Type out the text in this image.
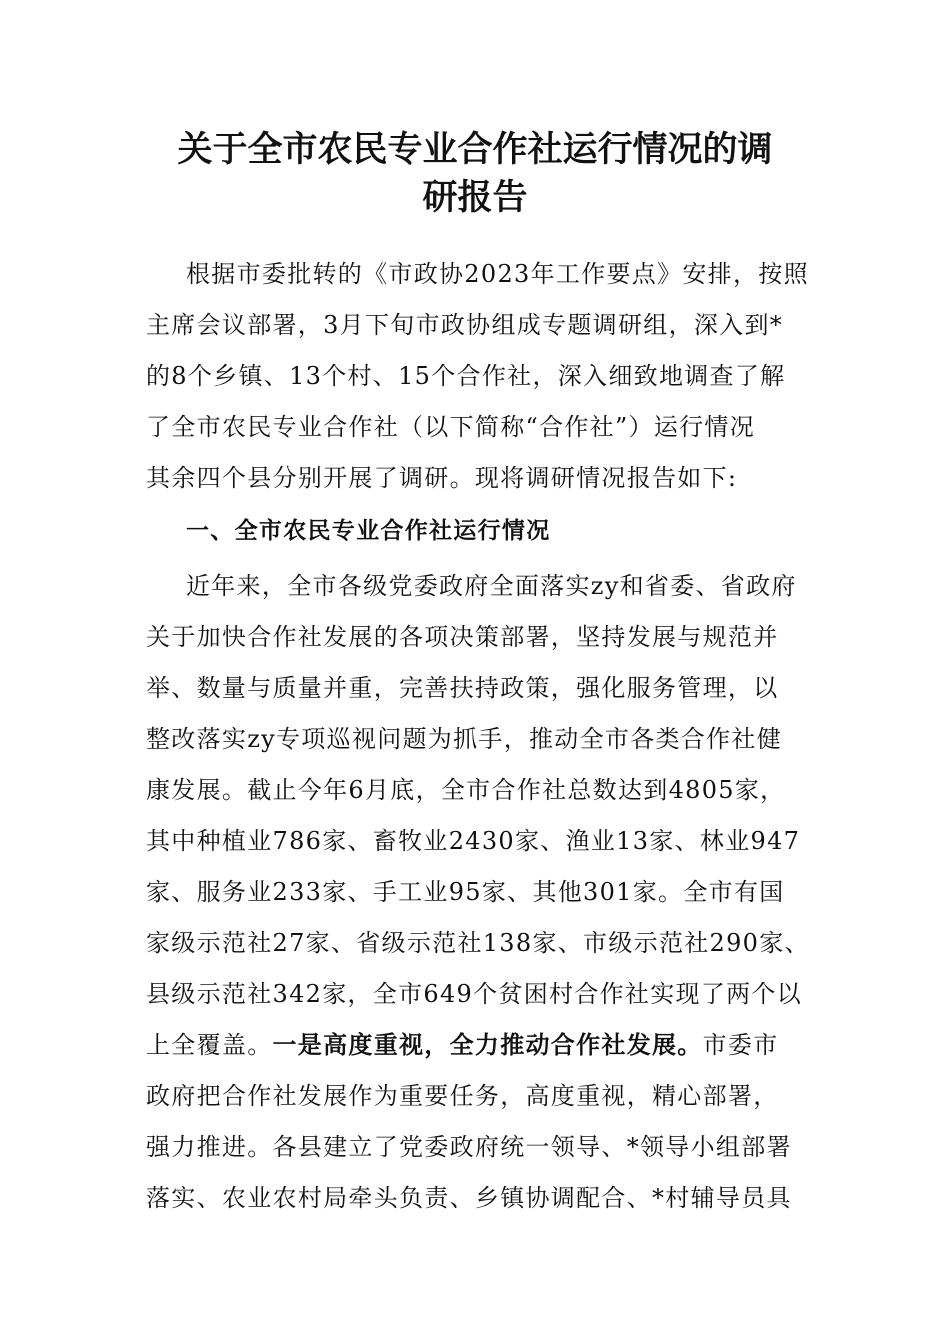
关于全市农民专业合作社运行情况的调
研报告
根据市委批转的《市政协2023年工作要点》安排，按照
主席会议部署，3月下旬市政协组成专题调研组，深入到*
的8个乡镇、13个村、15个合作社，深入细致地调查了解
了全市农民专业合作社（以下简称“合作社”）运行情况
其余四个县分别开展了调研。现将调研情况报告如下:
一、全市农民专业合作社运行情况
近年来，全市各级党委政府全面落实zy和省委、省政府
关于加快合作社发展的各项决策部署，坚持发展与规范并
举、数量与质量并重，完善扶持政策，强化服务管理，以
整改落实zy专项巡视问题为抓手，推动全市各类合作社健
康发展。截止今年6月底，全市合作社总数达到4805家，
其中种植业786家、畜牧业2430家、渔业13家、林业947
家、服务业233家、手工业95家、其他301家。全市有国
家级示范社27家、省级示范社138家、市级示范社290家、
县级示范社342家，全市649个贫困村合作社实现了两个以
上全覆盖。一是高度重视，全力推动合作社发展。市委市
政府把合作社发展作为重要任务，高度重视，精心部署，
强力推进。各县建立了党委政府统一领导、*领导小组部署
落实、农业农村局牵头负责、乡镇协调配合、*村辅导员具
